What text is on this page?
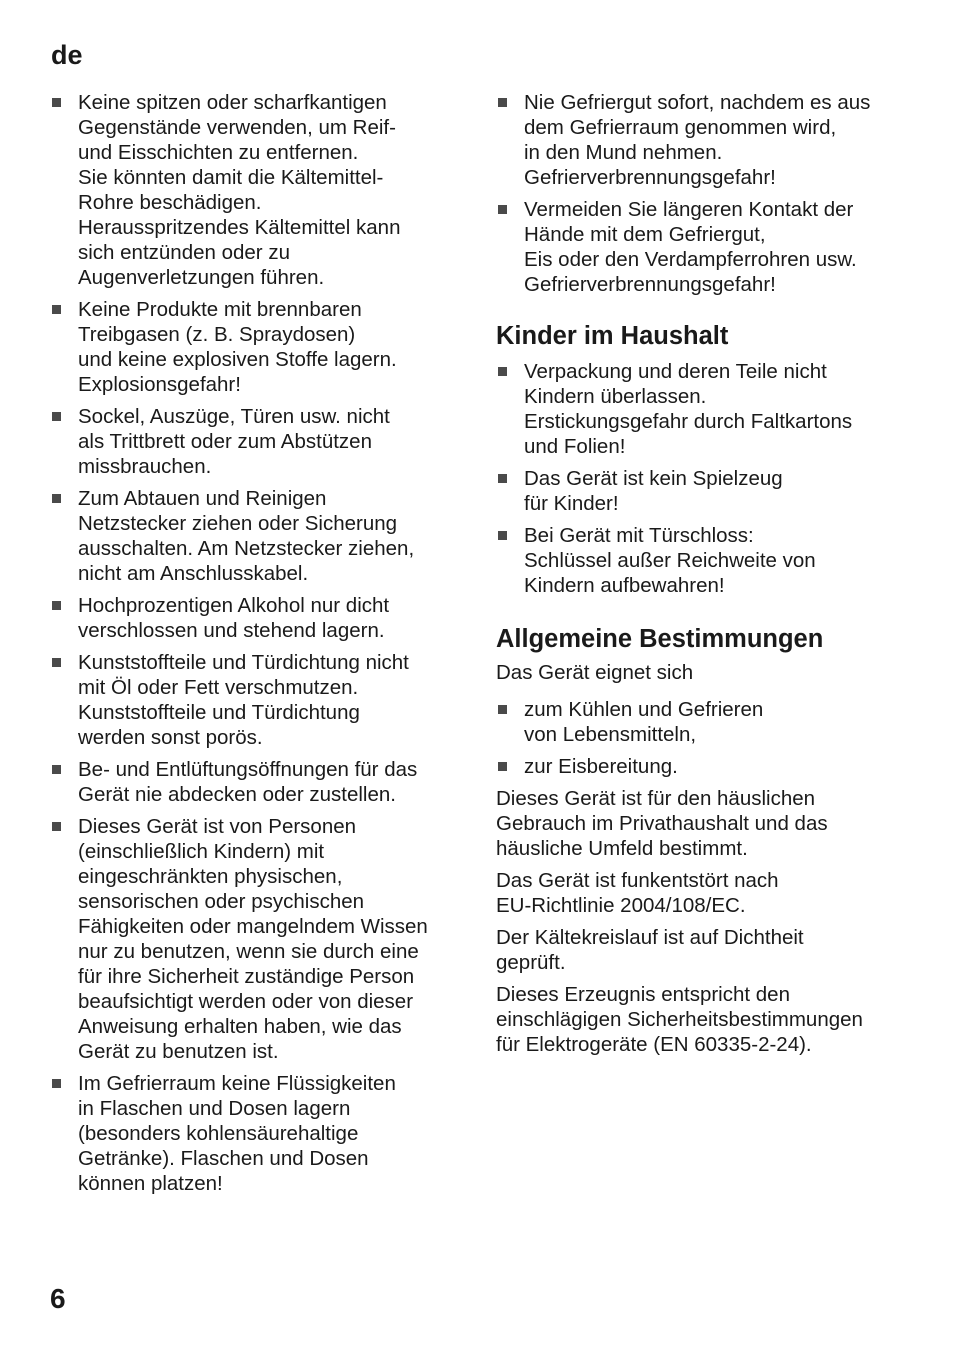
de
Keine spitzen oder scharfkantigen
Gegenstände verwenden, um Reif-
und Eisschichten zu entfernen.
Sie könnten damit die Kältemittel-
Rohre beschädigen.
Herausspritzendes Kältemittel kann
sich entzünden oder zu
Augenverletzungen führen.
Keine Produkte mit brennbaren
Treibgasen (z. B. Spraydosen)
und keine explosiven Stoffe lagern.
Explosionsgefahr!
Sockel, Auszüge, Türen usw. nicht
als Trittbrett oder zum Abstützen
missbrauchen.
Zum Abtauen und Reinigen
Netzstecker ziehen oder Sicherung
ausschalten. Am Netzstecker ziehen,
nicht am Anschlusskabel.
Hochprozentigen Alkohol nur dicht
verschlossen und stehend lagern.
Kunststoffteile und Türdichtung nicht
mit Öl oder Fett verschmutzen.
Kunststoffteile und Türdichtung
werden sonst porös.
Be- und Entlüftungsöffnungen für das
Gerät nie abdecken oder zustellen.
Dieses Gerät ist von Personen
(einschließlich Kindern) mit
eingeschränkten physischen,
sensorischen oder psychischen
Fähigkeiten oder mangelndem Wissen
nur zu benutzen, wenn sie durch eine
für ihre Sicherheit zuständige Person
beaufsichtigt werden oder von dieser
Anweisung erhalten haben, wie das
Gerät zu benutzen ist.
Im Gefrierraum keine Flüssigkeiten
in Flaschen und Dosen lagern
(besonders kohlensäurehaltige
Getränke). Flaschen und Dosen
können platzen!
Nie Gefriergut sofort, nachdem es aus
dem Gefrierraum genommen wird,
in den Mund nehmen.
Gefrierverbrennungsgefahr!
Vermeiden Sie längeren Kontakt der
Hände mit dem Gefriergut,
Eis oder den Verdampferrohren usw.
Gefrierverbrennungsgefahr!
Kinder im Haushalt
Verpackung und deren Teile nicht
Kindern überlassen.
Erstickungsgefahr durch Faltkartons
und Folien!
Das Gerät ist kein Spielzeug
für Kinder!
Bei Gerät mit Türschloss:
Schlüssel außer Reichweite von
Kindern aufbewahren!
Allgemeine Bestimmungen

Das Gerät eignet sich

zum Kühlen und Gefrieren
von Lebensmitteln,
zur Eisbereitung.

Dieses Gerät ist für den häuslichen
Gebrauch im Privathaushalt und das
häusliche Umfeld bestimmt.

Das Gerät ist funkentstört nach
EU-Richtlinie 2004/108/EC.

Der Kältekreislauf ist auf Dichtheit
geprüft.

Dieses Erzeugnis entspricht den
einschlägigen Sicherheitsbestimmungen
für Elektrogeräte (EN 60335-2-24).

6
